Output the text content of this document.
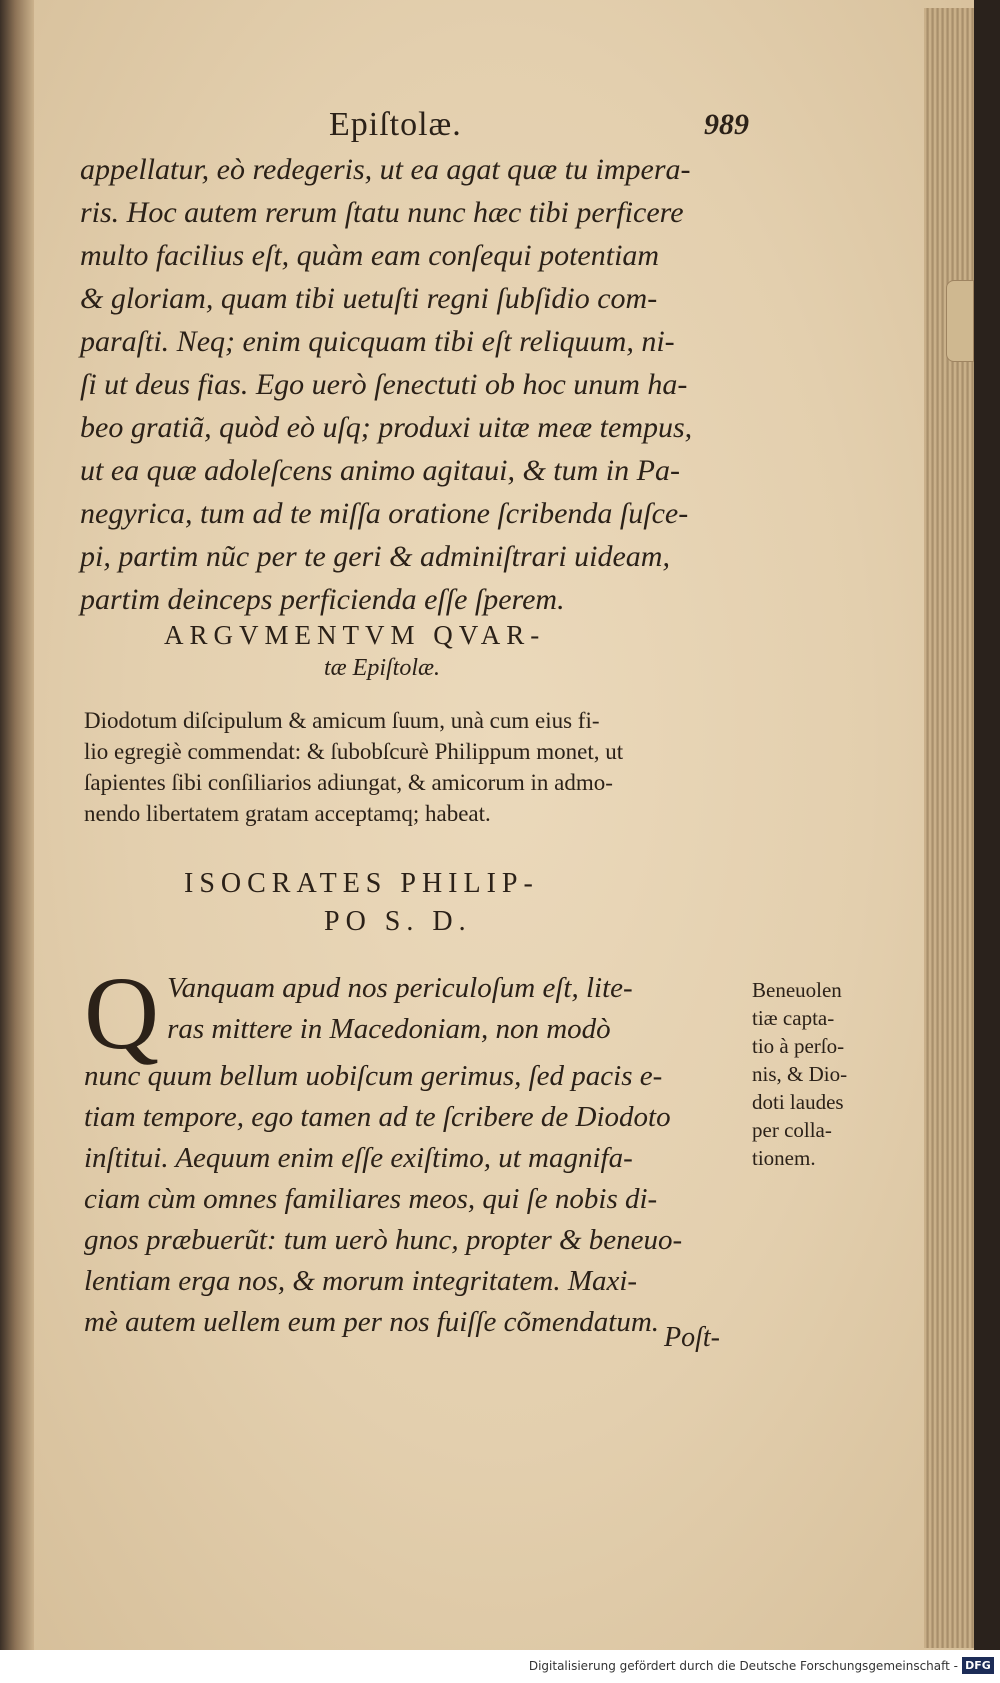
Epiſtolæ.	989
appellatur, eò redegeris, ut ea agat quæ tu impera-
ris. Hoc autem rerum ſtatu nunc hæc tibi perficere
multo facilius eſt, quàm eam conſequi potentiam
& gloriam, quam tibi uetuſti regni ſubſidio com-
paraſti. Neq; enim quicquam tibi eſt reliquum, ni-
ſi ut deus fias. Ego uerò ſenectuti ob hoc unum ha-
beo gratiã, quòd eò uſq; produxi uitæ meæ tempus,
ut ea quæ adoleſcens animo agitaui, & tum in Pa-
negyrica, tum ad te miſſa oratione ſcribenda ſuſce-
pi, partim nũc per te geri & adminiſtrari uideam,
partim deinceps perficienda eſſe ſperem.
ARGVMENTVM QVAR-
tæ Epiſtolæ.
Diodotum diſcipulum & amicum ſuum, unà cum eius fi-
lio egregiè commendat: & ſubobſcurè Philippum monet, ut
ſapientes ſibi conſiliarios adiungat, & amicorum in admo-
nendo libertatem gratam acceptamq; habeat.
ISOCRATES PHILIP-
PO S. D.
Q Vanquam apud nos periculoſum eſt, lite-
ras mittere in Macedoniam, non modò
nunc quum bellum uobiſcum gerimus, ſed pacis e-
tiam tempore, ego tamen ad te ſcribere de Diodoto
inſtitui. Aequum enim eſſe exiſtimo, ut magnifa-
ciam cùm omnes familiares meos, qui ſe nobis di-
gnos præbuerũt: tum uerò hunc, propter & beneuo-
lentiam erga nos, & morum integritatem. Maxi-
mè autem uellem eum per nos fuiſſe cõmendatum. Poſt-
Beneuolen
tiæ capta-
tio à perſo-
nis, & Dio-
doti laudes
per colla-
tionem.
Digitalisierung gefördert durch die Deutsche Forschungsgemeinschaft - DFG
